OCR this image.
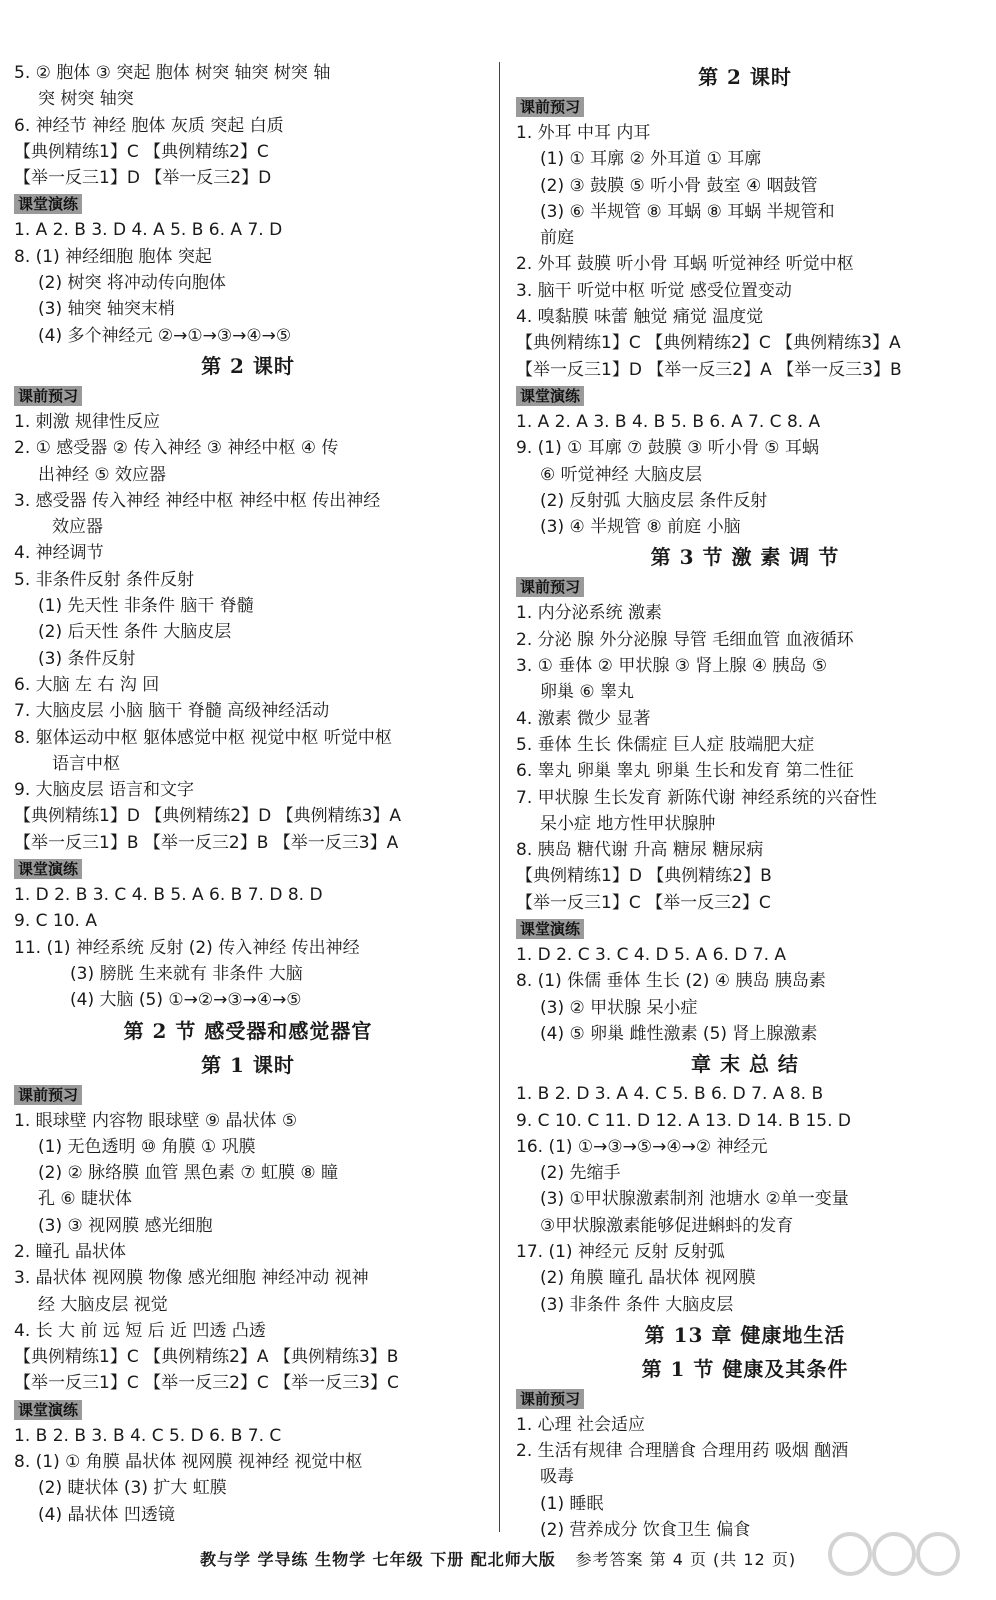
5. ② 胞体 ③ 突起 胞体 树突 轴突 树突 轴
突 树突 轴突
6. 神经节 神经 胞体 灰质 突起 白质
【典例精练1】C 【典例精练2】C
【举一反三1】D 【举一反三2】D
课堂演练
1. A 2. B 3. D 4. A 5. B 6. A 7. D
8. (1) 神经细胞 胞体 突起
(2) 树突 将冲动传向胞体
(3) 轴突 轴突末梢
(4) 多个神经元 ②→①→③→④→⑤
第 2 课时
课前预习
1. 刺激 规律性反应
2. ① 感受器 ② 传入神经 ③ 神经中枢 ④ 传
出神经 ⑤ 效应器
3. 感受器 传入神经 神经中枢 神经中枢 传出神经
效应器
4. 神经调节
5. 非条件反射 条件反射
(1) 先天性 非条件 脑干 脊髓
(2) 后天性 条件 大脑皮层
(3) 条件反射
6. 大脑 左 右 沟 回
7. 大脑皮层 小脑 脑干 脊髓 高级神经活动
8. 躯体运动中枢 躯体感觉中枢 视觉中枢 听觉中枢
语言中枢
9. 大脑皮层 语言和文字
【典例精练1】D 【典例精练2】D 【典例精练3】A
【举一反三1】B 【举一反三2】B 【举一反三3】A
课堂演练
1. D 2. B 3. C 4. B 5. A 6. B 7. D 8. D
9. C 10. A
11. (1) 神经系统 反射 (2) 传入神经 传出神经
(3) 膀胱 生来就有 非条件 大脑
(4) 大脑 (5) ①→②→③→④→⑤
第 2 节 感受器和感觉器官
第 1 课时
课前预习
1. 眼球壁 内容物 眼球壁 ⑨ 晶状体 ⑤
(1) 无色透明 ⑩ 角膜 ① 巩膜
(2) ② 脉络膜 血管 黑色素 ⑦ 虹膜 ⑧ 瞳
孔 ⑥ 睫状体
(3) ③ 视网膜 感光细胞
2. 瞳孔 晶状体
3. 晶状体 视网膜 物像 感光细胞 神经冲动 视神
经 大脑皮层 视觉
4. 长 大 前 远 短 后 近 凹透 凸透
【典例精练1】C 【典例精练2】A 【典例精练3】B
【举一反三1】C 【举一反三2】C 【举一反三3】C
课堂演练
1. B 2. B 3. B 4. C 5. D 6. B 7. C
8. (1) ① 角膜 晶状体 视网膜 视神经 视觉中枢
(2) 睫状体 (3) 扩大 虹膜
(4) 晶状体 凹透镜
第 2 课时
课前预习
1. 外耳 中耳 内耳
(1) ① 耳廓 ② 外耳道 ① 耳廓
(2) ③ 鼓膜 ⑤ 听小骨 鼓室 ④ 咽鼓管
(3) ⑥ 半规管 ⑧ 耳蜗 ⑧ 耳蜗 半规管和
前庭
2. 外耳 鼓膜 听小骨 耳蜗 听觉神经 听觉中枢
3. 脑干 听觉中枢 听觉 感受位置变动
4. 嗅黏膜 味蕾 触觉 痛觉 温度觉
【典例精练1】C 【典例精练2】C 【典例精练3】A
【举一反三1】D 【举一反三2】A 【举一反三3】B
课堂演练
1. A 2. A 3. B 4. B 5. B 6. A 7. C 8. A
9. (1) ① 耳廓 ⑦ 鼓膜 ③ 听小骨 ⑤ 耳蜗
⑥ 听觉神经 大脑皮层
(2) 反射弧 大脑皮层 条件反射
(3) ④ 半规管 ⑧ 前庭 小脑
第 3 节 激 素 调 节
课前预习
1. 内分泌系统 激素
2. 分泌 腺 外分泌腺 导管 毛细血管 血液循环
3. ① 垂体 ② 甲状腺 ③ 肾上腺 ④ 胰岛 ⑤
卵巢 ⑥ 睾丸
4. 激素 微少 显著
5. 垂体 生长 侏儒症 巨人症 肢端肥大症
6. 睾丸 卵巢 睾丸 卵巢 生长和发育 第二性征
7. 甲状腺 生长发育 新陈代谢 神经系统的兴奋性
呆小症 地方性甲状腺肿
8. 胰岛 糖代谢 升高 糖尿 糖尿病
【典例精练1】D 【典例精练2】B
【举一反三1】C 【举一反三2】C
课堂演练
1. D 2. C 3. C 4. D 5. A 6. D 7. A
8. (1) 侏儒 垂体 生长 (2) ④ 胰岛 胰岛素
(3) ② 甲状腺 呆小症
(4) ⑤ 卵巢 雌性激素 (5) 肾上腺激素
章 末 总 结
1. B 2. D 3. A 4. C 5. B 6. D 7. A 8. B
9. C 10. C 11. D 12. A 13. D 14. B 15. D
16. (1) ①→③→⑤→④→② 神经元
(2) 先缩手
(3) ①甲状腺激素制剂 池塘水 ②单一变量
③甲状腺激素能够促进蝌蚪的发育
17. (1) 神经元 反射 反射弧
(2) 角膜 瞳孔 晶状体 视网膜
(3) 非条件 条件 大脑皮层
第 13 章 健康地生活
第 1 节 健康及其条件
课前预习
1. 心理 社会适应
2. 生活有规律 合理膳食 合理用药 吸烟 酗酒
吸毒
(1) 睡眠
(2) 营养成分 饮食卫生 偏食
教与学 学导练 生物学 七年级 下册 配北师大版 参考答案 第 4 页 (共 12 页)
